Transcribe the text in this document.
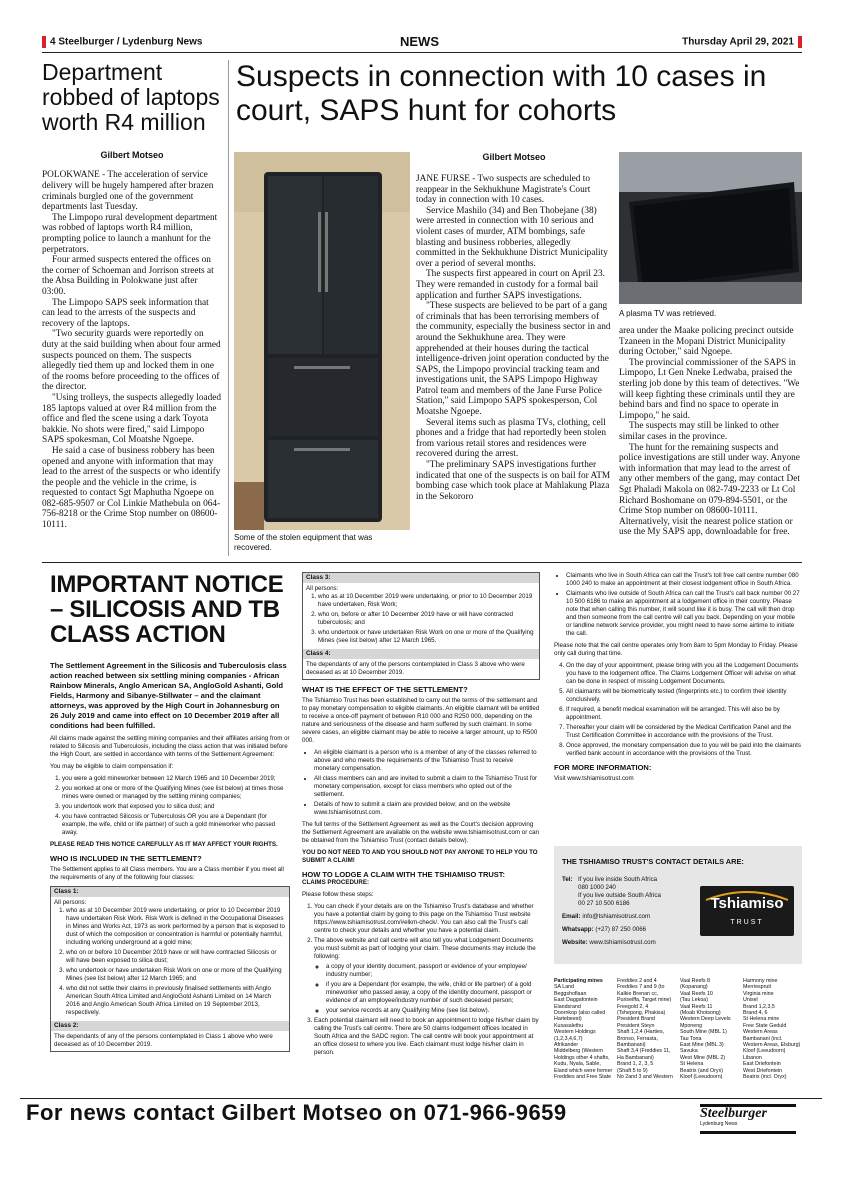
4 Steelburger / Lydenburg News	NEWS	Thursday April 29, 2021
Department robbed of laptops worth R4 million
Gilbert Motseo

POLOKWANE - The acceleration of service delivery will be hugely hampered after brazen criminals burgled one of the government departments last Tuesday.

The Limpopo rural development department was robbed of laptops worth R4 million, prompting police to launch a manhunt for the perpetrators.

Four armed suspects entered the offices on the corner of Schoeman and Jorrison streets at the Absa Building in Polokwane just after 03:00.

The Limpopo SAPS seek information that can lead to the arrests of the suspects and recovery of the laptops.

"Two security guards were reportedly on duty at the said building when about four armed suspects pounced on them. The suspects allegedly tied them up and locked them in one of the rooms before proceeding to the offices of the director.

"Using trolleys, the suspects allegedly loaded 185 laptops valued at over R4 million from the office and fled the scene using a dark Toyota bakkie. No shots were fired," said Limpopo SAPS spokesman, Col Moatshe Ngoepe.

He said a case of business robbery has been opened and anyone with information that may lead to the arrest of the suspects or who identify the people and the vehicle in the crime, is requested to contact Sgt Maphutha Ngoepe on 082-685-9507 or Col Linkie Mathebula on 064-756-8218 or the Crime Stop number on 08600-10111.

Suspects in connection with 10 cases in court, SAPS hunt for cohorts
Some of the stolen equipment that was recovered.
Gilbert Motseo

JANE FURSE - Two suspects are scheduled to reappear in the Sekhukhune Magistrate's Court today in connection with 10 cases.

Service Mashilo (34) and Ben Thobejane (38) were arrested in connection with 10 serious and violent cases of murder, ATM bombings, safe blasting and business robberies, allegedly committed in the Sekhukhune District Municipality over a period of several months.

The suspects first appeared in court on April 23. They were remanded in custody for a formal bail application and further SAPS investigations.

"These suspects are believed to be part of a gang of criminals that has been terrorising members of the community, especially the business sector in and around the Sekhukhune area. They were apprehended at their houses during the tactical intelligence-driven joint operation conducted by the SAPS, the Limpopo provincial tracking team and investigations unit, the SAPS Limpopo Highway Patrol team and members of the Jane Furse Police Station," said Limpopo SAPS spokesperson, Col Moatshe Ngoepe.

Several items such as plasma TVs, clothing, cell phones and a fridge that had reportedly been stolen from various retail stores and residences were recovered during the arrest.

"The preliminary SAPS investigations further indicated that one of the suspects is on bail for ATM bombing case which took place at Mahlakung Plaza in the Sekororo

A plasma TV was retrieved.

area under the Maake policing precinct outside Tzaneen in the Mopani District Municipality during October," said Ngoepe.

The provincial commissioner of the SAPS in Limpopo, Lt Gen Nneke Ledwaba, praised the sterling job done by this team of detectives. "We will keep fighting these criminals until they are behind bars and find no space to operate in Limpopo," he said.

The suspects may still be linked to other similar cases in the province.

The hunt for the remaining suspects and police investigations are still under way. Anyone with information that may lead to the arrest of any other members of the gang, may contact Det Sgt Phaladi Makola on 082-749-2233 or Lt Col Richard Boshomane on 079-894-5501, or the Crime Stop number on 08600-10111. Alternatively, visit the nearest police station or use the My SAPS app, downloadable for free.

IMPORTANT NOTICE – SILICOSIS AND TB CLASS ACTION

The Settlement Agreement in the Silicosis and Tuberculosis class action reached between six settling mining companies - African Rainbow Minerals, Anglo American SA, AngloGold Ashanti, Gold Fields, Harmony and Sibanye-Stillwater – and the claimant attorneys, was approved by the High Court in Johannesburg on 26 July 2019 and came into effect on 10 December 2019 after all conditions had been fulfilled.

All claims made against the settling mining companies and their affiliates arising from or related to Silicosis and Tuberculosis, including the class action that was initiated before the High Court, are settled in accordance with terms of the Settlement Agreement:

You may be eligible to claim compensation if:

1. you were a gold mineworker between 12 March 1965 and 10 December 2019;
2. you worked at one or more of the Qualifying Mines (see list below) at times those mines were owned or managed by the settling mining companies;
3. you undertook work that exposed you to silica dust; and
4. you have contracted Silicosis or Tuberculosis OR you are a Dependant (for example, the wife, child or life partner) of such a gold mineworker who passed away.

PLEASE READ THIS NOTICE CAREFULLY AS IT MAY AFFECT YOUR RIGHTS.

WHO IS INCLUDED IN THE SETTLEMENT?

The Settlement applies to all Class members. You are a Class member if you meet all the requirements of any of the following four classes:

Class 1:
All persons:
1. who as at 10 December 2019 were undertaking, or prior to 10 December 2019 have undertaken Risk Work. Risk Work is defined in the Occupational Diseases in Mines and Works Act, 1973 as work performed by a person that is exposed to dust of which the composition or concentration is harmful or potentially harmful, including working underground at a gold mine;
2. who on or before 10 December 2019 have or will have contracted Silicosis or will have been exposed to silica dust;
3. who undertook or have undertaken Risk Work on one or more of the Qualifying Mines (see list below) after 12 March 1965; and
4. who did not settle their claims in previously finalised settlements with Anglo American South Africa Limited and AngloGold Ashanti Limited on 14 March 2016 and Anglo American South Africa Limited on 19 September 2013, respectively.
Class 2:
The dependants of any of the persons contemplated in Class 1 above who were deceased as of 10 December 2019.
Class 3:
All persons:
1. who as at 10 December 2019 were undertaking, or prior to 10 December 2019 have undertaken, Risk Work;
2. who on, before or after 10 December 2019 have or will have contracted tuberculosis; and
3. who undertook or have undertaken Risk Work on one or more of the Qualifying Mines (see list below) after 12 March 1965.
Class 4:
The dependants of any of the persons contemplated in Class 3 above who were deceased as at 10 December 2019.
WHAT IS THE EFFECT OF THE SETTLEMENT?

The Tshiamiso Trust has been established to carry out the terms of the settlement and to pay monetary compensation to eligible claimants. An eligible claimant will be entitled to receive a once-off payment of between R10 000 and R250 000, depending on the nature and seriousness of the disease and harm suffered by such claimant. In some severe cases, an eligible claimant may be able to receive a larger amount, up to R500 000.

• An eligible claimant is a person who is a member of any of the classes referred to above and who meets the requirements of the Tshiamiso Trust to receive monetary compensation.
• All class members can and are invited to submit a claim to the Tshiamiso Trust for monetary compensation, except for class members who opted out of the settlement.
• Details of how to submit a claim are provided below; and on the website www.tshiamisotrust.com.

The full terms of the Settlement Agreement as well as the Court's decision approving the Settlement Agreement are available on the website www.tshiamisotrust.com or can be obtained from the Tshiamiso Trust (contact details below).

YOU DO NOT NEED TO AND YOU SHOULD NOT PAY ANYONE TO HELP YOU TO SUBMIT A CLAIM!

HOW TO LODGE A CLAIM WITH THE TSHIAMISO TRUST:

CLAIMS PROCEDURE:

Please follow these steps:

1. You can check if your details are on the Tshiamiso Trust's database and whether you have a potential claim by going to this page on the Tshiamiso Trust website https://www.tshiamisotrust.com/#elkm-check/. You can also call the Trust's call centre to check your details and whether you have a potential claim.
2. The above website and call centre will also tell you what Lodgement Documents you must submit as part of lodging your claim. These documents may include the following:
◦ a copy of your identity document, passport or evidence of your employee/ industry number;
◦ if you are a Dependant (for example, the wife, child or life partner) of a gold mineworker who passed away, a copy of the identity document, passport or evidence of an employee/industry number of such deceased person;
◦ your service records at any Qualifying Mine (see list below).
3. Each potential claimant will need to book an appointment to lodge his/her claim by calling the Trust's call centre. There are 50 claims lodgement offices located in South Africa and the SADC region. The call centre will book your appointment at an office closest to where you live. Each claimant must lodge his/her claim in person.
• Claimants who live in South Africa can call the Trust's toll free call centre number 080 1000 240 to make an appointment at their closest lodgement office in South Africa.
• Claimants who live outside of South Africa can call the Trust's call back number 00 27 10 500 6186 to make an appointment at a lodgement office in their country. Please note that when calling this number, it will sound like it is busy. The call will then drop and then someone from the call centre will call you back. Depending on your mobile or landline network service provider, you might need to have some airtime to initiate the call.

Please note that the call centre operates only from 8am to 5pm Monday to Friday. Please only call during that time.

4. On the day of your appointment, please bring with you all the Lodgement Documents you have to the lodgement office. The Claims Lodgement Officer will advise on what can be done in respect of missing Lodgement Documents.
5. All claimants will be biometrically tested (fingerprints etc.) to confirm their identity conclusively.
6. If required, a benefit medical examination will be arranged. This will also be by appointment.
7. Thereafter your claim will be considered by the Medical Certification Panel and the Trust Certification Committee in accordance with the provisions of the Trust.
8. Once approved, the monetary compensation due to you will be paid into the claimants verified bank account in accordance with the provisions of the Trust.
FOR MORE INFORMATION:

Visit www.tshiamisotrust.com

THE TSHIAMISO TRUST'S CONTACT DETAILS ARE:
Tel: If you live inside South Africa
080 1000 240
If you live outside South Africa
00 27 10 500 6186
Email: info@tshiamisotrust.com
Whatsapp: (+27) 87 250 0066
Website: www.tshiamisotrust.com
Tshiamiso
TRUST
Participating mines
SA Land
Beggshoflaan
East Daggafontein
Elandsrand
Doornkop (also called Hartebeest)
Kusasalethu
Western Holdings (1,2,3,4,6,7)
Afrikander
Middelberg (Western Holdings other 4 shafts, Kudu, Nyala, Sable, Eland which were former Freddies and Free State

Freddies 2 and 4
Freddies 7 and 9 (to Kalkie Brenan cc, Puriseiffa, Target mine)
Freegold 2, 4
(Tshepong, Phakisa)
President Brand
President Steyn
Shaft 1,2,4 (Harties, Bronso, Ferrasta, Bambanani)
Shaft 3,4 (Freddies 11, Ha Bambanani)
Brand 1, 2, 3, 5
(Shaft 5 to 9)
No 2and 3 and Western

Vaal Reefs 8 (Kopanang)
Vaal Reefs 10
(Tau Lekoa)
Vaal Reefs 11
(Moab Khotsong)
Western Deep Levels
Mponeng
South Mine (MBL 1)
Tau Tona
East Mine (MBL 3)
Savuka
West Mine (MBL 2)
St Helena
Beatrix (and Oryx)
Kloof (Leeudoorn)

Harmony mine
Merriespruit
Virginia mine
Unisel
Brand 1,2,3,5
Brand 4, 6
St Helena mine
Free State Geduld
Western Areas
Bambanani (incl. Western Areas, Elsburg)
Kloof (Leeudoorn)
Libanon
East Driefontein
West Driefontein
Beatrix (incl. Oryx)

For news contact Gilbert Motseo on 071-966-9659	Steelburger
Lydenburg News
